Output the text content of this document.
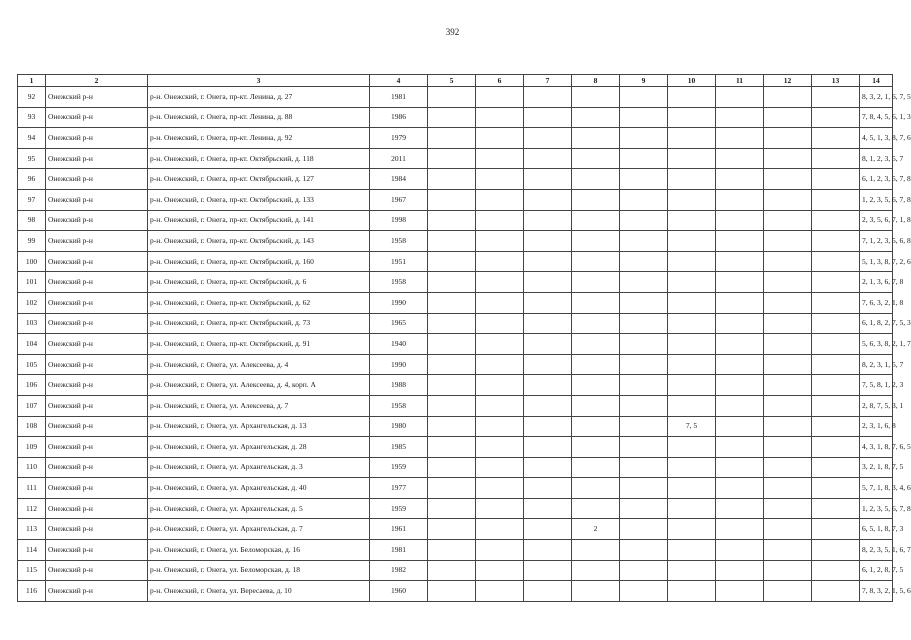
392
1	2	3	4	5	6	7	8	9	10	11	12	13	14
92	Онежский р-н	р-н. Онежский, г. Онега, пр-кт. Ленина, д. 27	1981										8, 3, 2, 1, 6, 7, 5
93	Онежский р-н	р-н. Онежский, г. Онега, пр-кт. Ленина, д. 88	1986										7, 8, 4, 5, 6, 1, 3
94	Онежский р-н	р-н. Онежский, г. Онега, пр-кт. Ленина, д. 92	1979										4, 5, 1, 3, 8, 7, 6
95	Онежский р-н	р-н. Онежский, г. Онега, пр-кт. Октябрьский, д. 118	2011										8, 1, 2, 3, 5, 7
96	Онежский р-н	р-н. Онежский, г. Онега, пр-кт. Октябрьский, д. 127	1984										6, 1, 2, 3, 5, 7, 8
97	Онежский р-н	р-н. Онежский, г. Онега, пр-кт. Октябрьский, д. 133	1967										1, 2, 3, 5, 6, 7, 8
98	Онежский р-н	р-н. Онежский, г. Онега, пр-кт. Октябрьский, д. 141	1998										2, 3, 5, 6, 7, 1, 8
99	Онежский р-н	р-н. Онежский, г. Онега, пр-кт. Октябрьский, д. 143	1958										7, 1, 2, 3, 5, 6, 8
100	Онежский р-н	р-н. Онежский, г. Онега, пр-кт. Октябрьский, д. 160	1951										5, 1, 3, 8, 7, 2, 6
101	Онежский р-н	р-н. Онежский, г. Онега, пр-кт. Октябрьский, д. 6	1958										2, 1, 3, 6, 7, 8
102	Онежский р-н	р-н. Онежский, г. Онега, пр-кт. Октябрьский, д. 62	1990										7, 6, 3, 2, 1, 8
103	Онежский р-н	р-н. Онежский, г. Онега, пр-кт. Октябрьский, д. 73	1965										6, 1, 8, 2, 7, 5, 3
104	Онежский р-н	р-н. Онежский, г. Онега, пр-кт. Октябрьский, д. 91	1940										5, 6, 3, 8, 2, 1, 7
105	Онежский р-н	р-н. Онежский, г. Онега, ул. Алексеева, д. 4	1990										8, 2, 3, 1, 5, 7
106	Онежский р-н	р-н. Онежский, г. Онега, ул. Алексеева, д. 4, корп. А	1988										7, 5, 8, 1, 2, 3
107	Онежский р-н	р-н. Онежский, г. Онега, ул. Алексеева, д. 7	1958										2, 8, 7, 5, 3, 1
108	Онежский р-н	р-н. Онежский, г. Онега, ул. Архангельская, д. 13	1980						7, 5				2, 3, 1, 6, 8
109	Онежский р-н	р-н. Онежский, г. Онега, ул. Архангельская, д. 28	1985										4, 3, 1, 8, 7, 6, 5
110	Онежский р-н	р-н. Онежский, г. Онега, ул. Архангельская, д. 3	1959										3, 2, 1, 8, 7, 5
111	Онежский р-н	р-н. Онежский, г. Онега, ул. Архангельская, д. 40	1977										5, 7, 1, 8, 3, 4, 6
112	Онежский р-н	р-н. Онежский, г. Онега, ул. Архангельская, д. 5	1959										1, 2, 3, 5, 6, 7, 8
113	Онежский р-н	р-н. Онежский, г. Онега, ул. Архангельская, д. 7	1961				2						6, 5, 1, 8, 7, 3
114	Онежский р-н	р-н. Онежский, г. Онега, ул. Беломорская, д. 16	1981										8, 2, 3, 5, 1, 6, 7
115	Онежский р-н	р-н. Онежский, г. Онега, ул. Беломорская, д. 18	1982										6, 1, 2, 8, 7, 5
116	Онежский р-н	р-н. Онежский, г. Онега, ул. Вересаева, д. 10	1960										7, 8, 3, 2, 1, 5, 6
